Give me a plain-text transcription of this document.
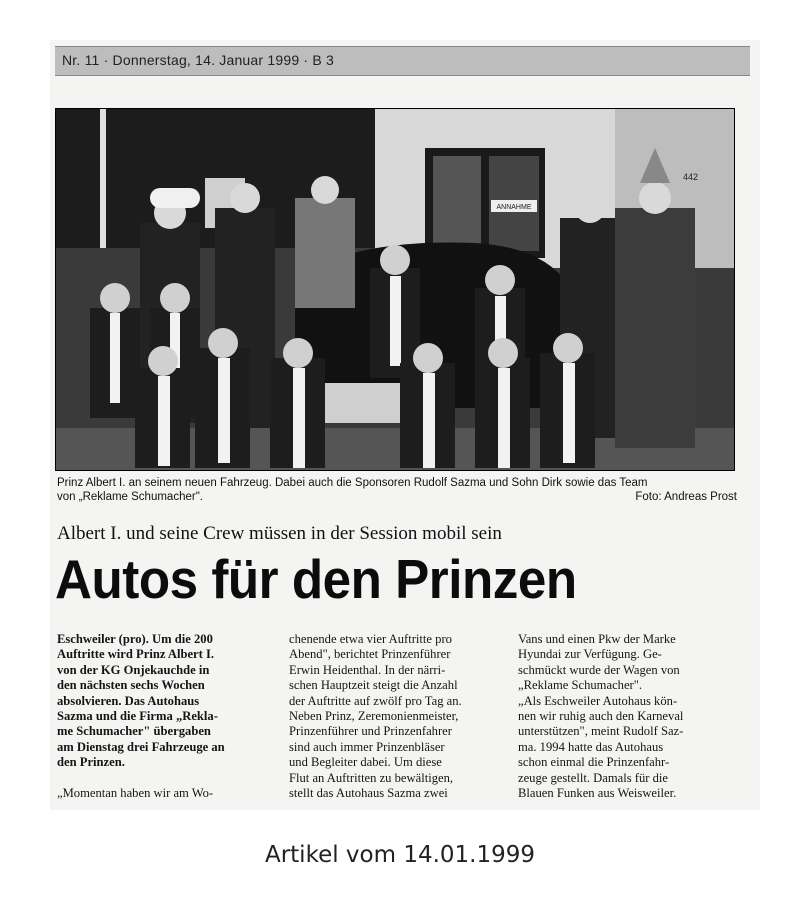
Nr. 11 · Donnerstag, 14. Januar 1999 · B 3
ANNAHME
442
Prinz Albert I. an seinem neuen Fahrzeug. Dabei auch die Sponsoren Rudolf Sazma und Sohn Dirk sowie das Team
von „Reklame Schumacher".	Foto: Andreas Prost
Albert I. und seine Crew müssen in der Session mobil sein
Autos für den Prinzen
Eschweiler (pro). Um die 200
Auftritte wird Prinz Albert I.
von der KG Onjekauchde in
den nächsten sechs Wochen
absolvieren. Das Autohaus
Sazma und die Firma „Rekla-
me Schumacher" übergaben
am Dienstag drei Fahrzeuge an
den Prinzen.
„Momentan haben wir am Wo-
chenende etwa vier Auftritte pro
Abend", berichtet Prinzenführer
Erwin Heidenthal. In der närri-
schen Hauptzeit steigt die Anzahl
der Auftritte auf zwölf pro Tag an.
Neben Prinz, Zeremonienmeister,
Prinzenführer und Prinzenfahrer
sind auch immer Prinzenbläser
und Begleiter dabei. Um diese
Flut an Auftritten zu bewältigen,
stellt das Autohaus Sazma zwei
Vans und einen Pkw der Marke
Hyundai zur Verfügung. Ge-
schmückt wurde der Wagen von
„Reklame Schumacher".
„Als Eschweiler Autohaus kön-
nen wir ruhig auch den Karneval
unterstützen", meint Rudolf Saz-
ma. 1994 hatte das Autohaus
schon einmal die Prinzenfahr-
zeuge gestellt. Damals für die
Blauen Funken aus Weisweiler.
Artikel vom 14.01.1999
